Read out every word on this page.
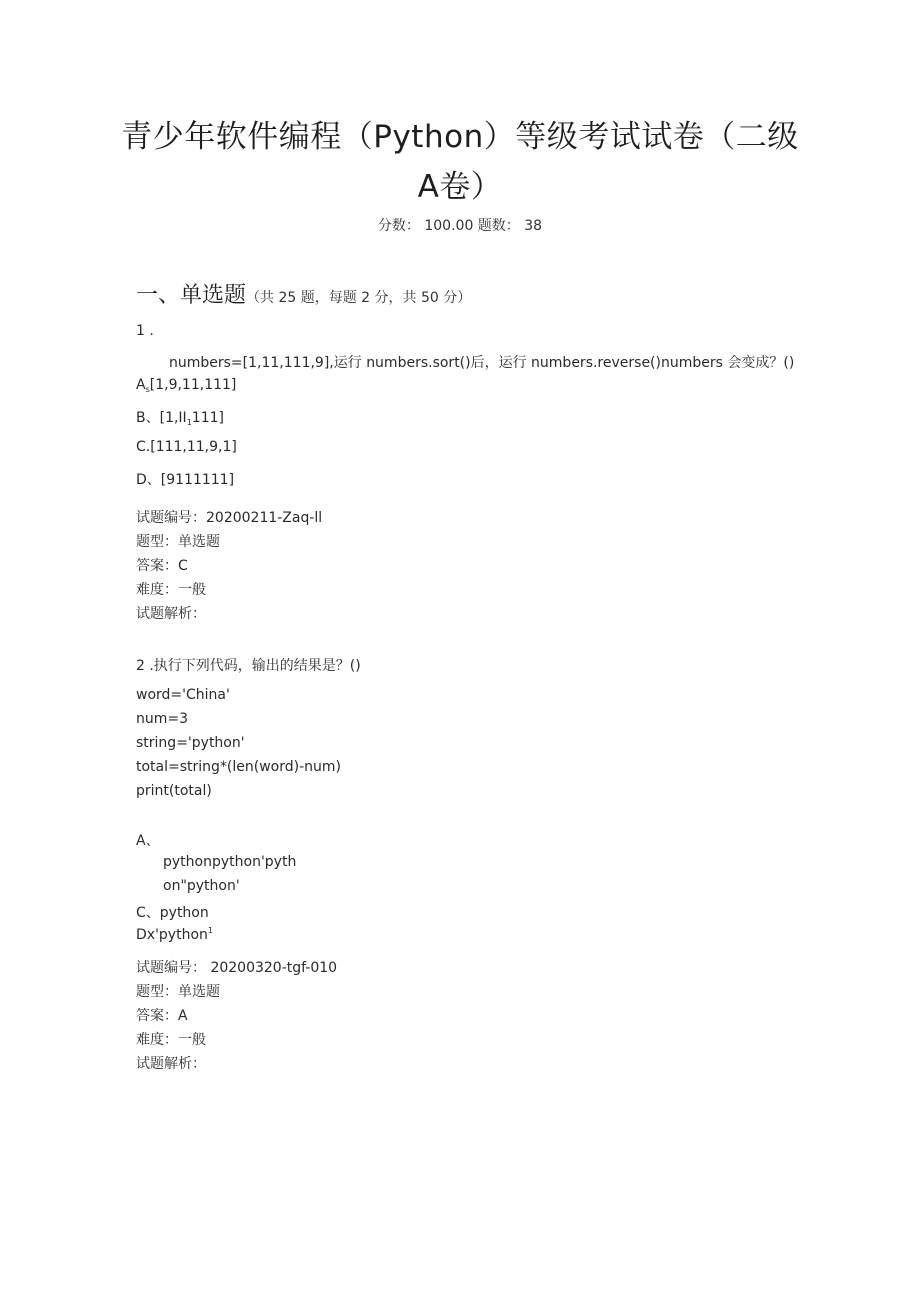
青少年软件编程（Python）等级考试试卷（二级A卷）
分数： 100.00 题数： 38
一、单选题（共 25 题，每题 2 分，共 50 分）
1 .
numbers=[1,11,111,9],运行 numbers.sort()后，运行 numbers.reverse()numbers 会变成？()
$A_s[1,9,11,111]$
B、$[1,II_1111]$
C.[111,11,9,1]
D、[9111111]
试题编号：20200211-Zaq-ll
题型：单选题
答案：C
难度：一般
试题解析：
2 .执行下列代码，输出的结果是？()
word='China'
num=3
string='python'
total=string*(len(word)-num)
print(total)
A、
pythonpython'pyth
on"python'
C、python
Dx'python$^1$
试题编号： 20200320-tgf-010
题型：单选题
答案：A
难度：一般
试题解析：
